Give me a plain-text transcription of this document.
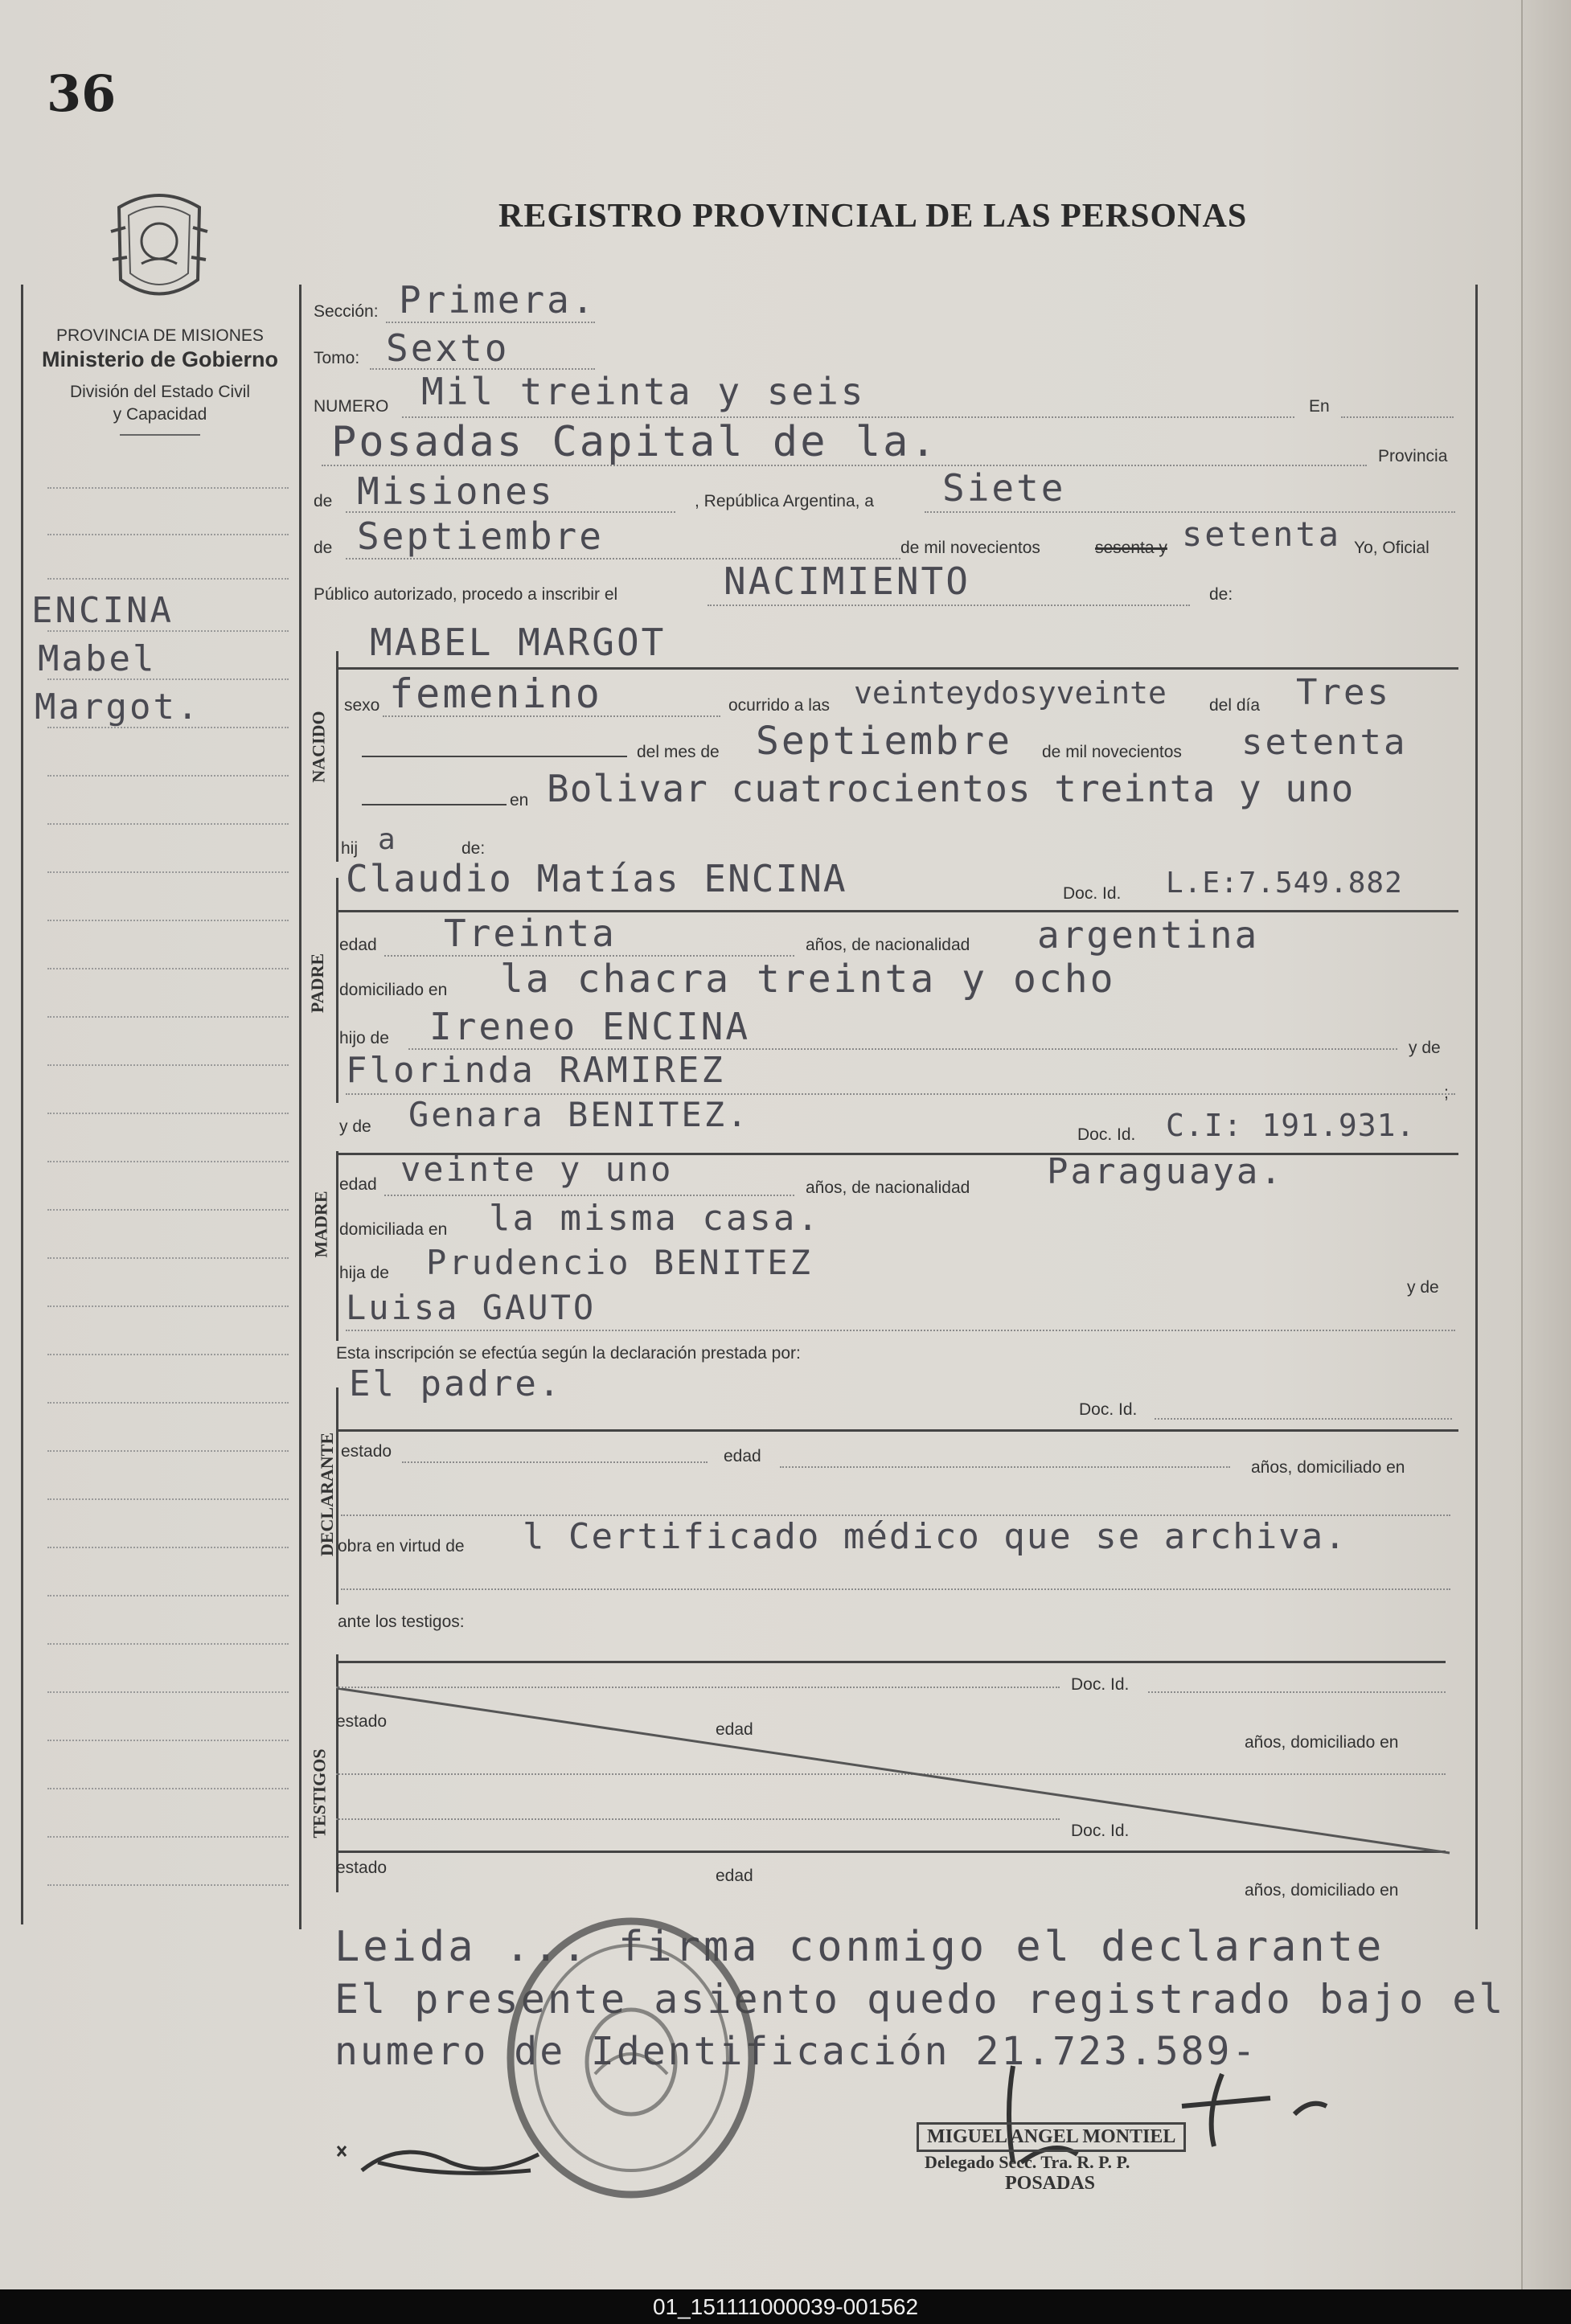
36
REGISTRO PROVINCIAL DE LAS PERSONAS
PROVINCIA DE MISIONES
Ministerio de Gobierno
División del Estado Civil
y Capacidad
ENCINA
Mabel
Margot.
Sección: Primera.
Tomo: Sexto
NUMERO Mil treinta y seis	En
Posadas Capital de la.	Provincia
de Misiones	, República Argentina, a Siete
de Septiembre	de mil novecientos	sesenta y setenta Yo, Oficial
Público autorizado, procedo a inscribir el	NACIMIENTO	de:
NACIDO
MABEL MARGOT
sexo femenino	ocurrido a las veinteydosyveinte	del día Tres
del mes de Septiembre de mil novecientos setenta
en Bolivar cuatrocientos treinta y uno
hij a	de:
PADRE
Claudio Matías ENCINA	Doc. Id. L.E:7.549.882
edad Treinta	años, de nacionalidad argentina
domiciliado en la chacra treinta y ocho
hijo de Ireneo ENCINA	y de
Florinda RAMIREZ
;
MADRE
y de Genara BENITEZ.
Doc. Id. C.I: 191.931.
edad veinte y uno	años, de nacionalidad Paraguaya.
domiciliada en la misma casa.
hija de Prudencio BENITEZ
y de
Luisa GAUTO
Esta inscripción se efectúa según la declaración prestada por:
DECLARANTE
El padre.
Doc. Id.
estado	edad
años, domiciliado en
obra en virtud de l Certificado médico que se archiva.
ante los testigos:
TESTIGOS
Doc. Id.
estado	edad
años, domiciliado en
Doc. Id.
estado	edad
años, domiciliado en
Leida ... firma conmigo el declarante
El presente asiento quedo registrado bajo el
numero de Identificación 21.723.589-
MIGUEL ANGEL MONTIEL
Delegado Secc. Tra. R. P. P.
POSADAS
01_151111000039-001562
